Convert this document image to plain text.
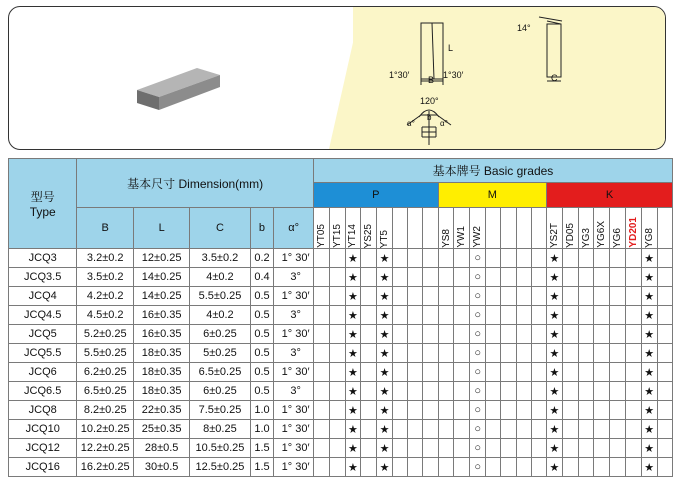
14°
L
B	C
1°30′	1°30′
120°
α°	α°
b
型号
Type	基本尺寸 Dimension(mm)					基本牌号 Basic grades																						
						P								M							K							
	B	L	C	b	α°	YT05	YT15	YT14	YS25	YT5				YS8	YW1	YW2					YS2T	YD05	YG3	YG6X	YG6	YD201	YG8	

JCQ3	3.2±0.2	12±0.25	3.5±0.2	0.2	1° 30′			★		★						○					★						★	
JCQ3.5	3.5±0.2	14±0.25	4±0.2	0.4	3°			★		★						○					★						★	
JCQ4	4.2±0.2	14±0.25	5.5±0.25	0.5	1° 30′			★		★						○					★						★	
JCQ4.5	4.5±0.2	16±0.35	4±0.2	0.5	3°			★		★						○					★						★	
JCQ5	5.2±0.25	16±0.35	6±0.25	0.5	1° 30′			★		★						○					★						★	
JCQ5.5	5.5±0.25	18±0.35	5±0.25	0.5	3°			★		★						○					★						★	
JCQ6	6.2±0.25	18±0.35	6.5±0.25	0.5	1° 30′			★		★						○					★						★	
JCQ6.5	6.5±0.25	18±0.35	6±0.25	0.5	3°			★		★						○					★						★	
JCQ8	8.2±0.25	22±0.35	7.5±0.25	1.0	1° 30′			★		★						○					★						★	
JCQ10	10.2±0.25	25±0.35	8±0.25	1.0	1° 30′			★		★						○					★						★	
JCQ12	12.2±0.25	28±0.5	10.5±0.25	1.5	1° 30′			★		★						○					★						★	
JCQ16	16.2±0.25	30±0.5	12.5±0.25	1.5	1° 30′			★		★						○					★						★	
